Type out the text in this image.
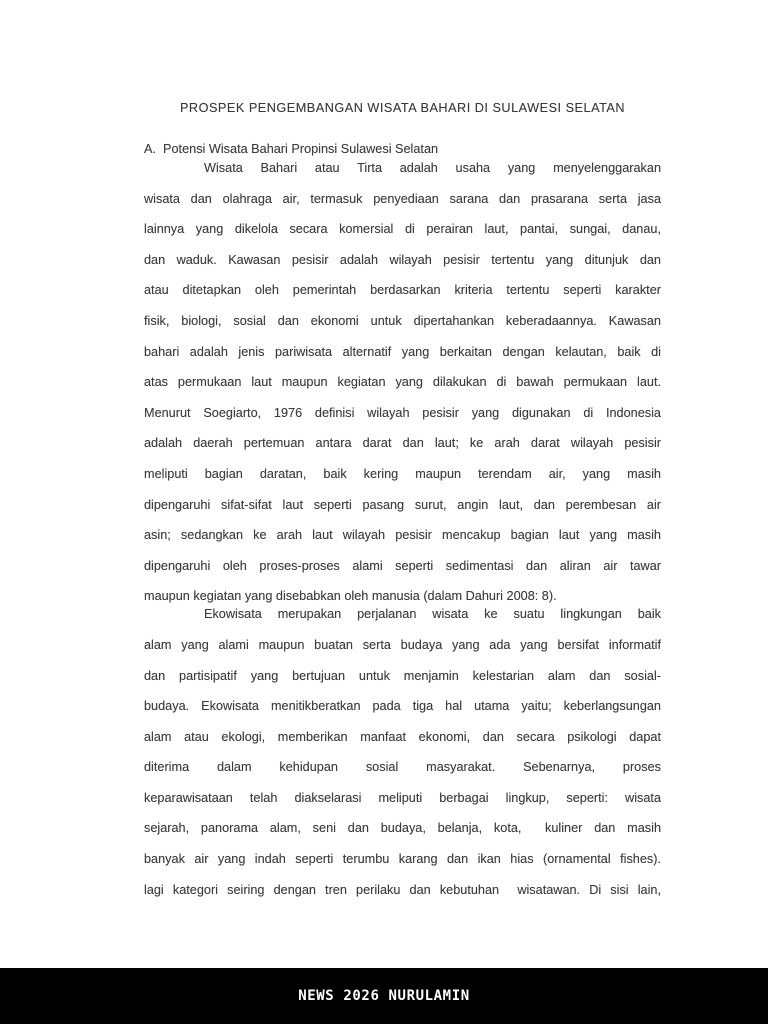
PROSPEK PENGEMBANGAN WISATA BAHARI DI SULAWESI SELATAN
A.  Potensi Wisata Bahari Propinsi Sulawesi Selatan
Wisata Bahari atau Tirta adalah usaha yang menyelenggarakan
wisata dan olahraga air, termasuk penyediaan sarana dan prasarana serta jasa
lainnya yang dikelola secara komersial di perairan laut, pantai, sungai, danau,
dan waduk. Kawasan pesisir adalah wilayah pesisir tertentu yang ditunjuk dan
atau ditetapkan oleh pemerintah berdasarkan kriteria tertentu seperti karakter
fisik, biologi, sosial dan ekonomi untuk dipertahankan keberadaannya. Kawasan
bahari adalah jenis pariwisata alternatif yang berkaitan dengan kelautan, baik di
atas permukaan laut maupun kegiatan yang dilakukan di bawah permukaan laut.
Menurut Soegiarto, 1976 definisi wilayah pesisir yang digunakan di Indonesia
adalah daerah pertemuan antara darat dan laut; ke arah darat wilayah pesisir
meliputi bagian daratan, baik kering maupun terendam air, yang masih
dipengaruhi sifat-sifat laut seperti pasang surut, angin laut, dan perembesan air
asin; sedangkan ke arah laut wilayah pesisir mencakup bagian laut yang masih
dipengaruhi oleh proses-proses alami seperti sedimentasi dan aliran air tawar
maupun kegiatan yang disebabkan oleh manusia (dalam Dahuri 2008: 8).
Ekowisata merupakan perjalanan wisata ke suatu lingkungan baik
alam yang alami maupun buatan serta budaya yang ada yang bersifat informatif
dan partisipatif yang bertujuan untuk menjamin kelestarian alam dan sosial-
budaya. Ekowisata menitikberatkan pada tiga hal utama yaitu; keberlangsungan
alam atau ekologi, memberikan manfaat ekonomi, dan secara psikologi dapat
diterima dalam kehidupan sosial masyarakat. Sebenarnya, proses
keparawisataan telah diakselarasi meliputi berbagai lingkup, seperti: wisata
sejarah, panorama alam, seni dan budaya, belanja, kota,  kuliner dan masih
banyak air yang indah seperti terumbu karang dan ikan hias (ornamental fishes).
lagi kategori seiring dengan tren perilaku dan kebutuhan  wisatawan. Di sisi lain,
NEWS 2026 NURULAMIN
